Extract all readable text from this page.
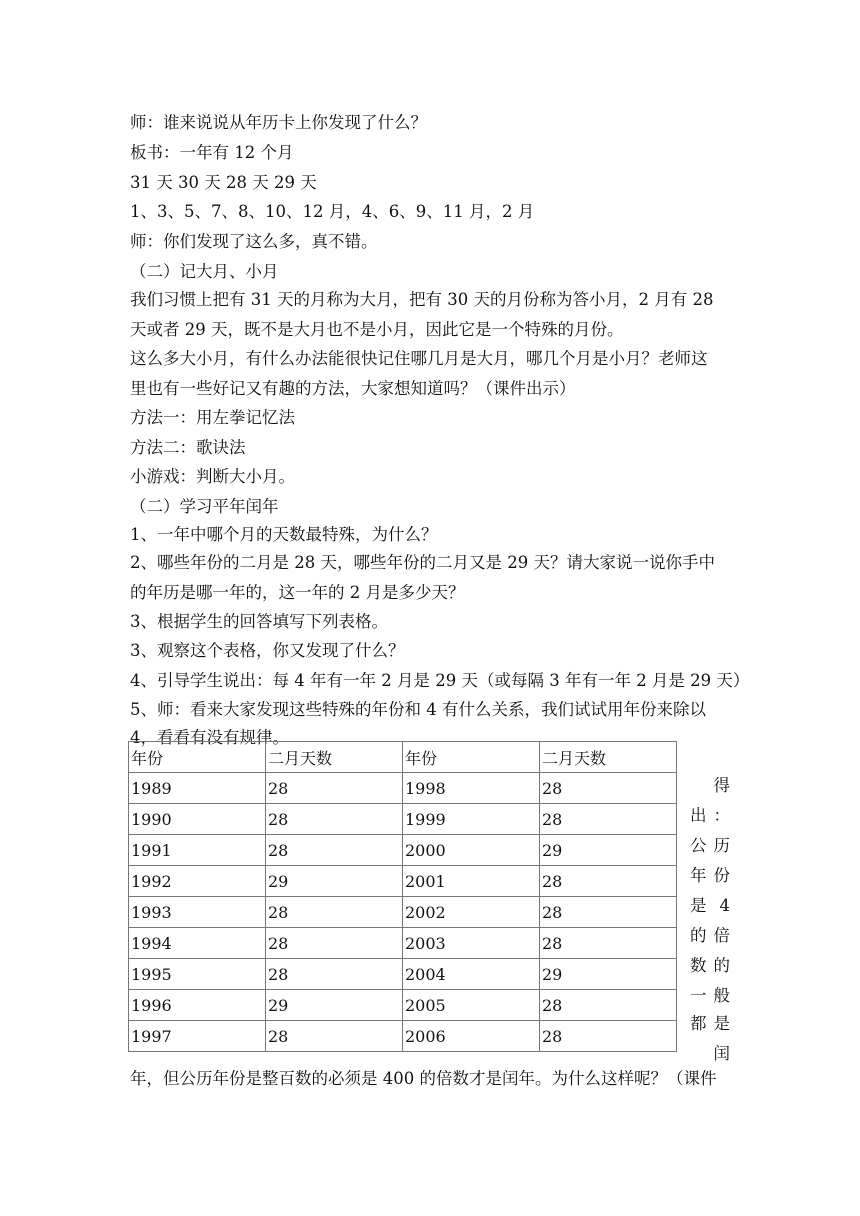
师：谁来说说从年历卡上你发现了什么？
板书：一年有 12 个月
31 天 30 天 28 天 29 天
1、3、5、7、8、10、12 月，4、6、9、11 月，2 月
师：你们发现了这么多，真不错。
（二）记大月、小月
我们习惯上把有 31 天的月称为大月，把有 30 天的月份称为答小月，2 月有 28
天或者 29 天，既不是大月也不是小月，因此它是一个特殊的月份。
这么多大小月，有什么办法能很快记住哪几月是大月，哪几个月是小月？老师这
里也有一些好记又有趣的方法，大家想知道吗？（课件出示）
方法一：用左拳记忆法
方法二：歌诀法
小游戏：判断大小月。
（二）学习平年闰年
1、一年中哪个月的天数最特殊，为什么？
2、哪些年份的二月是 28 天，哪些年份的二月又是 29 天？请大家说一说你手中
的年历是哪一年的，这一年的 2 月是多少天？
3、根据学生的回答填写下列表格。
3、观察这个表格，你又发现了什么？
4、引导学生说出：每 4 年有一年 2 月是 29 天（或每隔 3 年有一年 2 月是 29 天）
5、师：看来大家发现这些特殊的年份和 4 有什么关系，我们试试用年份来除以
4，看看有没有规律。
年份	二月天数	年份	二月天数
1989	28	1998	28
1990	28	1999	28
1991	28	2000	29
1992	29	2001	28
1993	28	2002	28
1994	28	2003	28
1995	28	2004	29
1996	29	2005	28
1997	28	2006	28
得
出 ：
公 历
年 份
是 4
的 倍
数 的
一 般
都 是
闰
年，但公历年份是整百数的必须是 400 的倍数才是闰年。为什么这样呢？（课件
